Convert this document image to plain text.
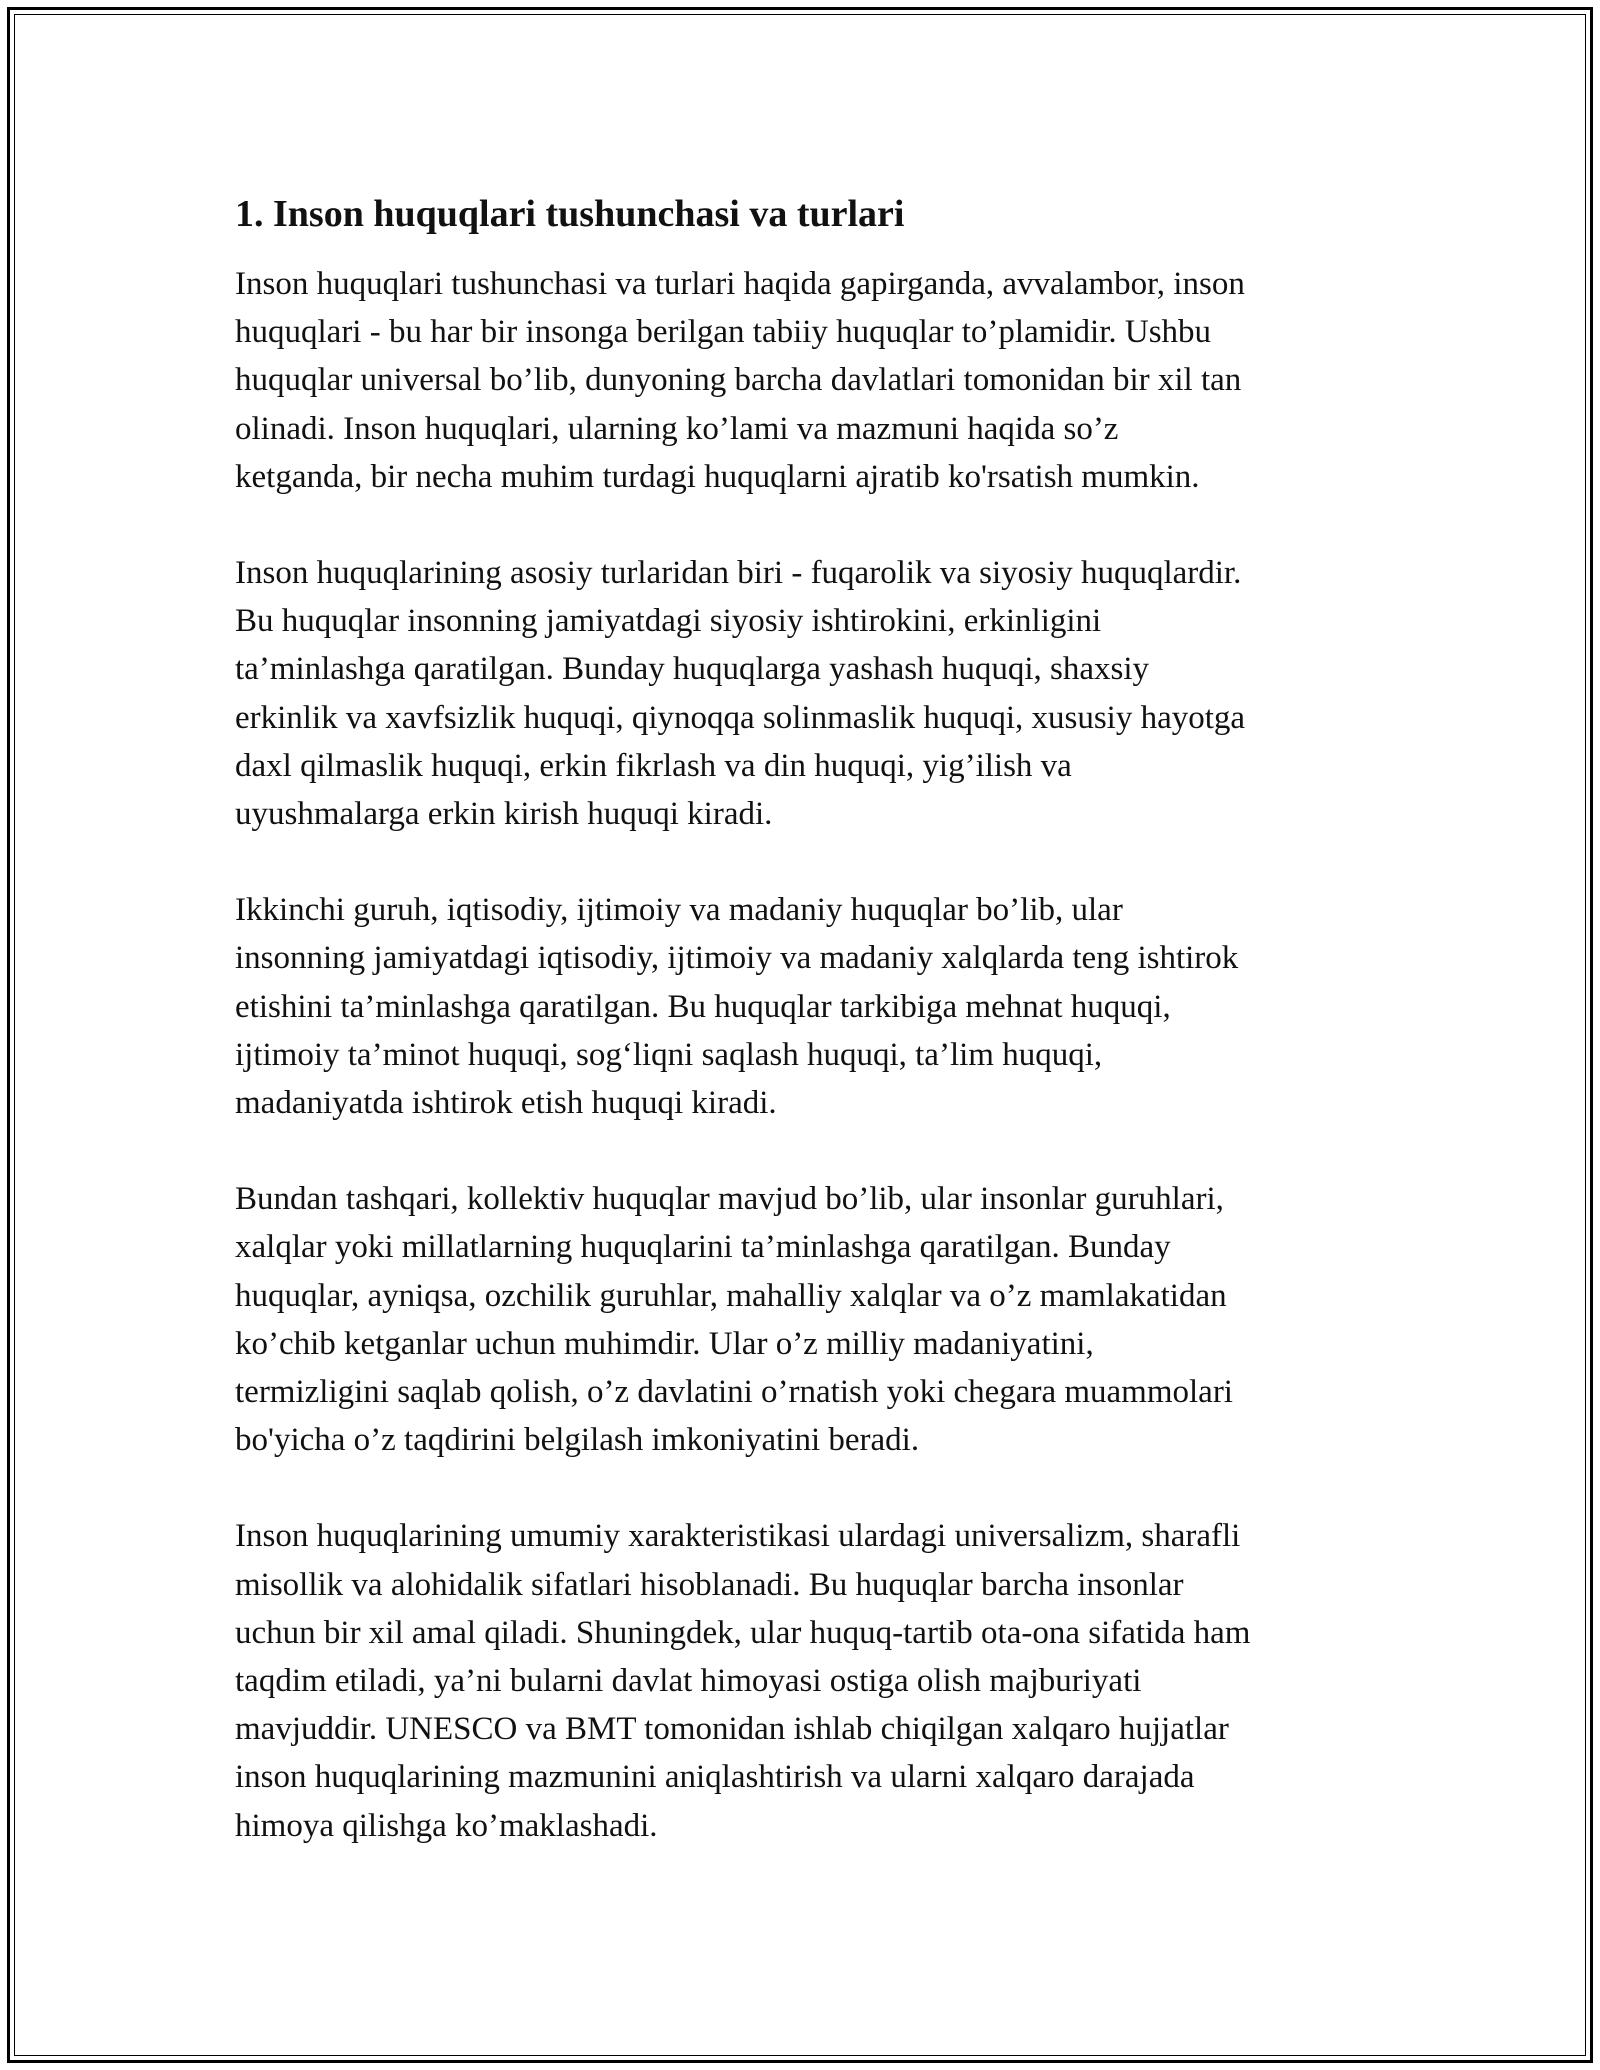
1. Inson huquqlari tushunchasi va turlari

Inson huquqlari tushunchasi va turlari haqida gapirganda, avvalambor, inson
huquqlari - bu har bir insonga berilgan tabiiy huquqlar to’plamidir. Ushbu
huquqlar universal bo’lib, dunyoning barcha davlatlari tomonidan bir xil tan
olinadi. Inson huquqlari, ularning ko’lami va mazmuni haqida so’z
ketganda, bir necha muhim turdagi huquqlarni ajratib ko'rsatish mumkin.

Inson huquqlarining asosiy turlaridan biri - fuqarolik va siyosiy huquqlardir.
Bu huquqlar insonning jamiyatdagi siyosiy ishtirokini, erkinligini
ta’minlashga qaratilgan. Bunday huquqlarga yashash huquqi, shaxsiy
erkinlik va xavfsizlik huquqi, qiynoqqa solinmaslik huquqi, xususiy hayotga
daxl qilmaslik huquqi, erkin fikrlash va din huquqi, yig’ilish va
uyushmalarga erkin kirish huquqi kiradi.

Ikkinchi guruh, iqtisodiy, ijtimoiy va madaniy huquqlar bo’lib, ular
insonning jamiyatdagi iqtisodiy, ijtimoiy va madaniy xalqlarda teng ishtirok
etishini ta’minlashga qaratilgan. Bu huquqlar tarkibiga mehnat huquqi,
ijtimoiy ta’minot huquqi, sog‘liqni saqlash huquqi, ta’lim huquqi,
madaniyatda ishtirok etish huquqi kiradi.

Bundan tashqari, kollektiv huquqlar mavjud bo’lib, ular insonlar guruhlari,
xalqlar yoki millatlarning huquqlarini ta’minlashga qaratilgan. Bunday
huquqlar, ayniqsa, ozchilik guruhlar, mahalliy xalqlar va o’z mamlakatidan
ko’chib ketganlar uchun muhimdir. Ular o’z milliy madaniyatini,
termizligini saqlab qolish, o’z davlatini o’rnatish yoki chegara muammolari
bo'yicha o’z taqdirini belgilash imkoniyatini beradi.

Inson huquqlarining umumiy xarakteristikasi ulardagi universalizm, sharafli
misollik va alohidalik sifatlari hisoblanadi. Bu huquqlar barcha insonlar
uchun bir xil amal qiladi. Shuningdek, ular huquq-tartib ota-ona sifatida ham
taqdim etiladi, ya’ni bularni davlat himoyasi ostiga olish majburiyati
mavjuddir. UNESCO va BMT tomonidan ishlab chiqilgan xalqaro hujjatlar
inson huquqlarining mazmunini aniqlashtirish va ularni xalqaro darajada
himoya qilishga ko’maklashadi.
